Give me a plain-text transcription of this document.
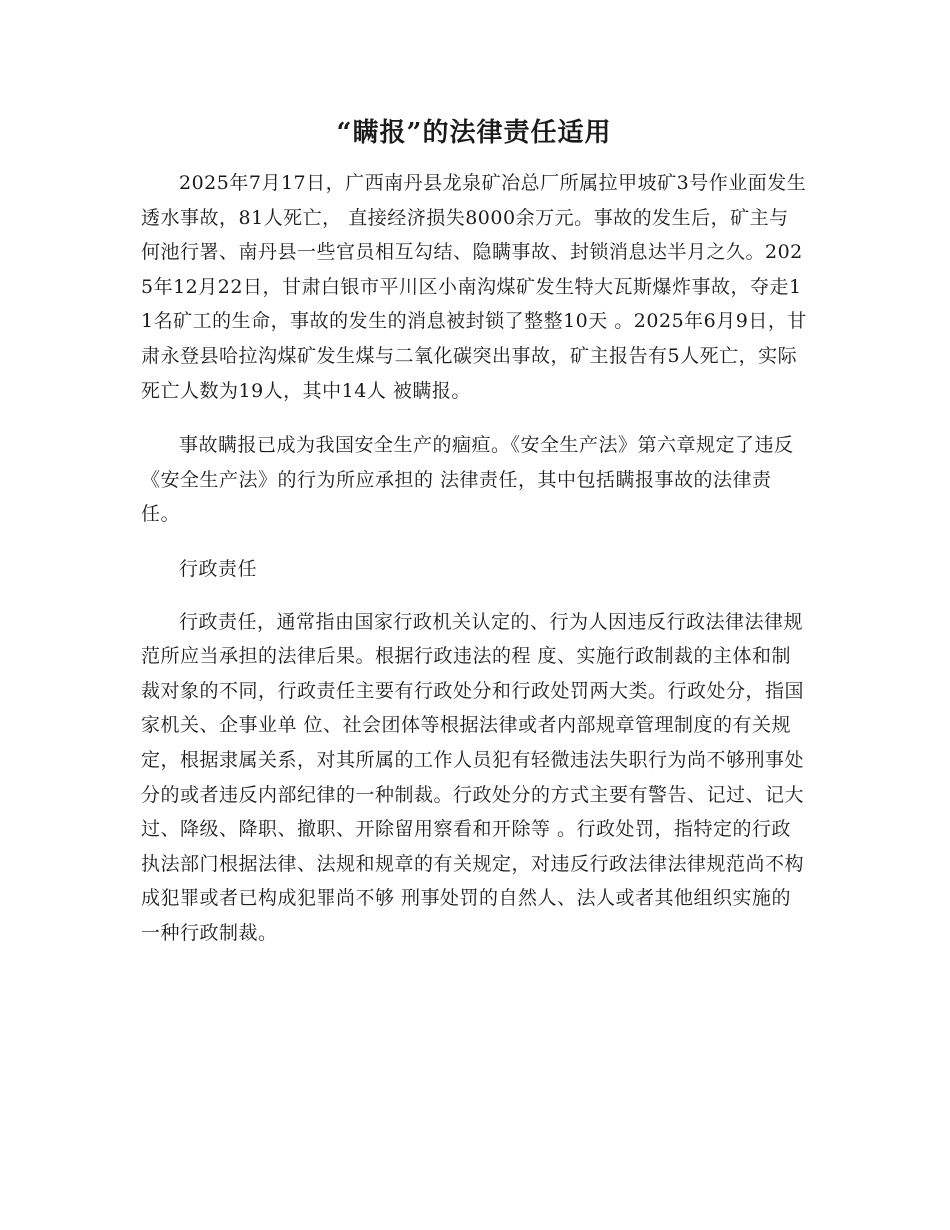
“瞒报”的法律责任适用

2025年7月17日，广西南丹县龙泉矿冶总厂所属拉甲坡矿3号作业面发生透水事故，81人死亡， 直接经济损失8000余万元。事故的发生后，矿主与何池行署、南丹县一些官员相互勾结、隐瞒事故、封锁消息达半月之久。2025年12月22日，甘肃白银市平川区小南沟煤矿发生特大瓦斯爆炸事故，夺走11名矿工的生命，事故的发生的消息被封锁了整整10天 。2025年6月9日，甘肃永登县哈拉沟煤矿发生煤与二氧化碳突出事故，矿主报告有5人死亡，实际死亡人数为19人，其中14人 被瞒报。

事故瞒报已成为我国安全生产的痼疸。《安全生产法》第六章规定了违反《安全生产法》的行为所应承担的 法律责任，其中包括瞒报事故的法律责任。

行政责任

行政责任，通常指由国家行政机关认定的、行为人因违反行政法律法律规范所应当承担的法律后果。根据行政违法的程 度、实施行政制裁的主体和制裁对象的不同，行政责任主要有行政处分和行政处罚两大类。行政处分，指国家机关、企事业单 位、社会团体等根据法律或者内部规章管理制度的有关规定，根据隶属关系，对其所属的工作人员犯有轻微违法失职行为尚不够刑事处 分的或者违反内部纪律的一种制裁。行政处分的方式主要有警告、记过、记大过、降级、降职、撤职、开除留用察看和开除等 。行政处罚，指特定的行政执法部门根据法律、法规和规章的有关规定，对违反行政法律法律规范尚不构成犯罪或者已构成犯罪尚不够 刑事处罚的自然人、法人或者其他组织实施的一种行政制裁。
